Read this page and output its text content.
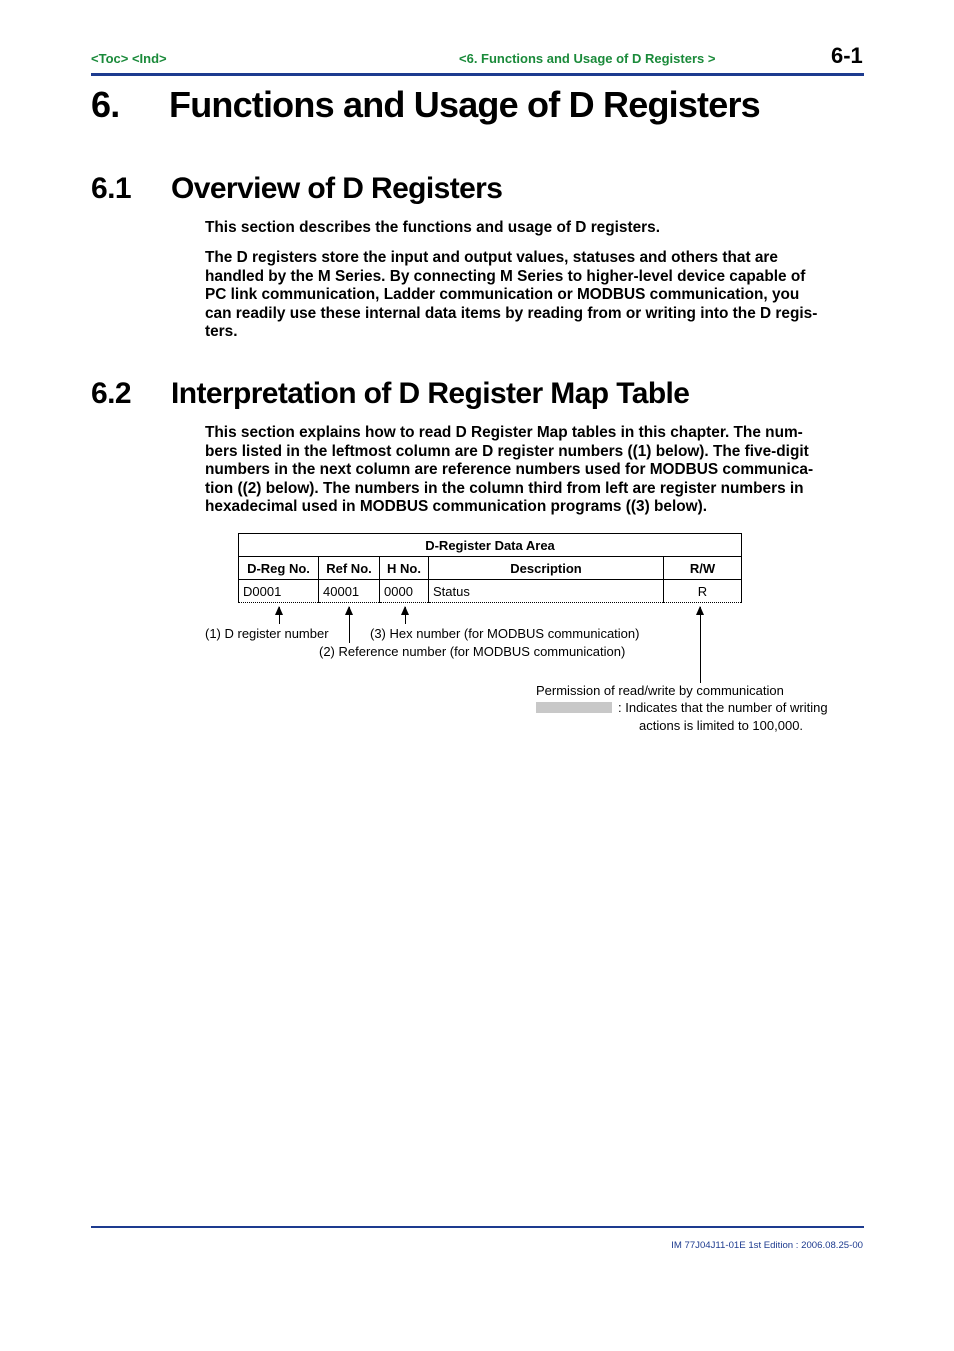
<Toc> <Ind>	<6. Functions and Usage of D Registers >	6-1
6. Functions and Usage of D Registers
6.1 Overview of D Registers
This section describes the functions and usage of D registers.
The D registers store the input and output values, statuses and others that are
handled by the M Series. By connecting M Series to higher-level device capable of
PC link communication, Ladder communication or MODBUS communication, you
can readily use these internal data items by reading from or writing into the D regis-
ters.
6.2 Interpretation of D Register Map Table
This section explains how to read D Register Map tables in this chapter. The num-
bers listed in the leftmost column are D register numbers ((1) below). The five-digit
numbers in the next column are reference numbers used for MODBUS communica-
tion ((2) below). The numbers in the column third from left are register numbers in
hexadecimal used in MODBUS communication programs ((3) below).
D-Register Data Area				
D-Reg No.	Ref No.	H No.	Description	R/W
D0001	40001	0000	Status	R
(1) D register number	(3) Hex number (for MODBUS communication)
(2) Reference number (for MODBUS communication)
Permission of read/write by communication
: Indicates that the number of writing
actions is limited to 100,000.
IM 77J04J11-01E 1st Edition : 2006.08.25-00
